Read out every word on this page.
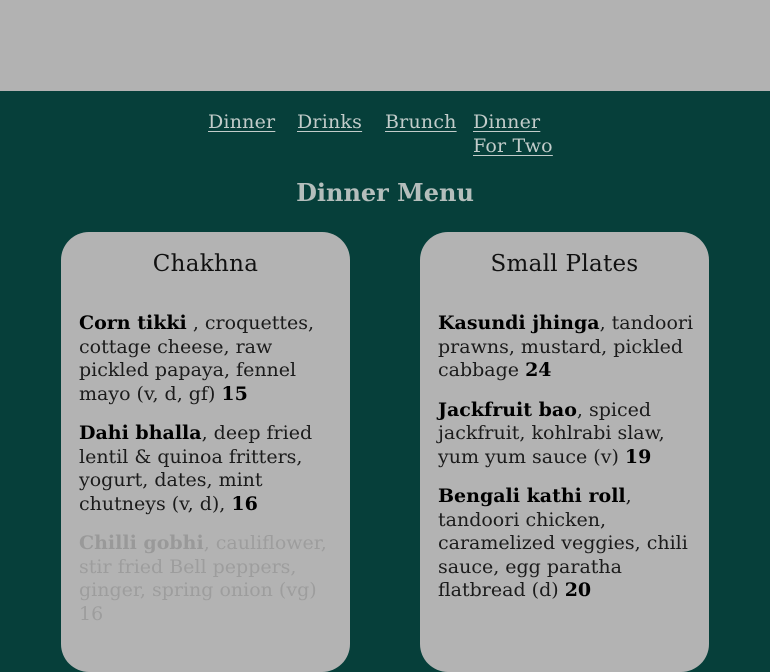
Dinner Drinks Brunch Dinner For Two
Dinner Menu
Chakhna

Corn tikki , croquettes, cottage cheese, raw pickled papaya, fennel mayo (v, d, gf) 15

Dahi bhalla, deep fried lentil & quinoa fritters, yogurt, dates, mint chutneys (v, d), 16

Chilli gobhi, cauliflower, stir fried Bell peppers, ginger, spring onion (vg) 16

Small Plates

Kasundi jhinga, tandoori prawns, mustard, pickled cabbage 24

Jackfruit bao, spiced jackfruit, kohlrabi slaw, yum yum sauce (v) 19

Bengali kathi roll, tandoori chicken, caramelized veggies, chili sauce, egg paratha flatbread (d) 20
